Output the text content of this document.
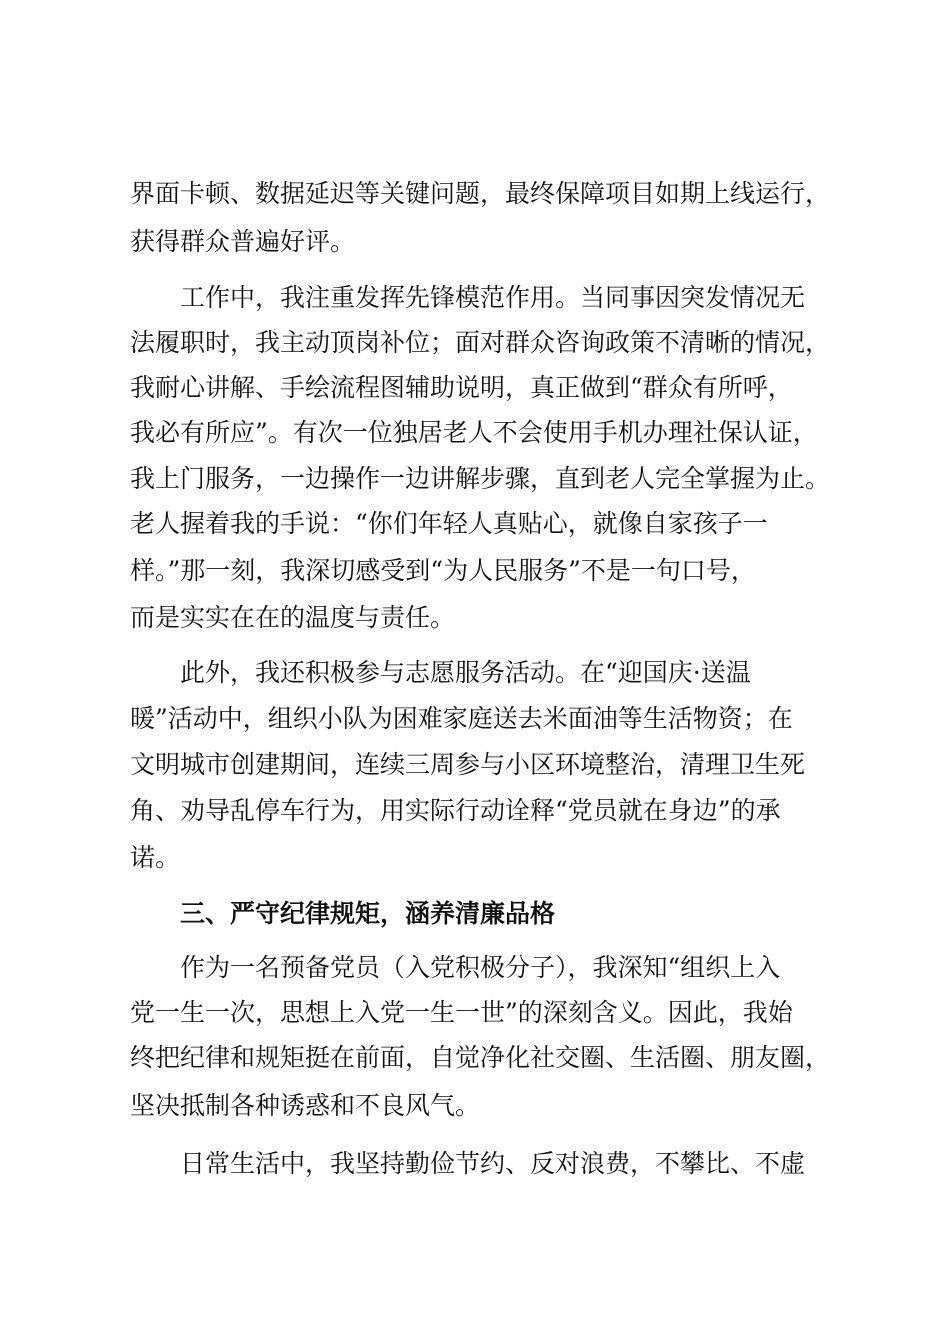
界面卡顿、数据延迟等关键问题，最终保障项目如期上线运行，
获得群众普遍好评。
工作中，我注重发挥先锋模范作用。当同事因突发情况无
法履职时，我主动顶岗补位；面对群众咨询政策不清晰的情况，
我耐心讲解、手绘流程图辅助说明，真正做到“群众有所呼，
我必有所应”。有次一位独居老人不会使用手机办理社保认证，
我上门服务，一边操作一边讲解步骤，直到老人完全掌握为止。
老人握着我的手说：“你们年轻人真贴心，就像自家孩子一
样。”那一刻，我深切感受到“为人民服务”不是一句口号，
而是实实在在的温度与责任。
此外，我还积极参与志愿服务活动。在“迎国庆·送温
暖”活动中，组织小队为困难家庭送去米面油等生活物资；在
文明城市创建期间，连续三周参与小区环境整治，清理卫生死
角、劝导乱停车行为，用实际行动诠释“党员就在身边”的承
诺。
三、严守纪律规矩，涵养清廉品格
作为一名预备党员（入党积极分子），我深知“组织上入
党一生一次，思想上入党一生一世”的深刻含义。因此，我始
终把纪律和规矩挺在前面，自觉净化社交圈、生活圈、朋友圈，
坚决抵制各种诱惑和不良风气。
日常生活中，我坚持勤俭节约、反对浪费，不攀比、不虚
